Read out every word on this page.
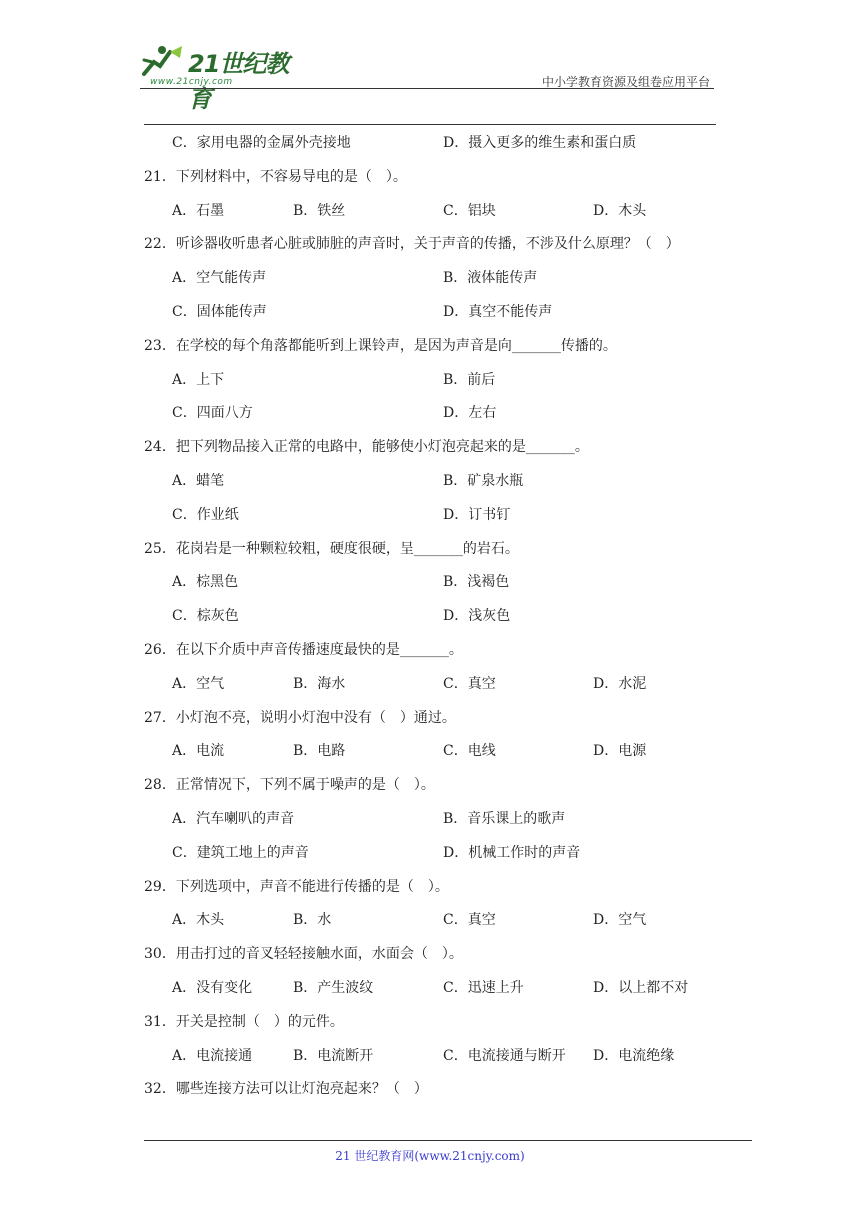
21世纪教育
www.21cnjy.com	中小学教育资源及组卷应用平台
C．家用电器的金属外壳接地	D．摄入更多的维生素和蛋白质
21．下列材料中，不容易导电的是（　）。
A．石墨	B．铁丝	C．铝块	D．木头
22．听诊器收听患者心脏或肺脏的声音时，关于声音的传播，不涉及什么原理？（　）
A．空气能传声	B．液体能传声
C．固体能传声	D．真空不能传声
23．在学校的每个角落都能听到上课铃声，是因为声音是向_______传播的。
A．上下	B．前后
C．四面八方	D．左右
24．把下列物品接入正常的电路中，能够使小灯泡亮起来的是_______。
A．蜡笔	B．矿泉水瓶
C．作业纸	D．订书钉
25．花岗岩是一种颗粒较粗，硬度很硬，呈_______的岩石。
A．棕黑色	B．浅褐色
C．棕灰色	D．浅灰色
26．在以下介质中声音传播速度最快的是_______。
A．空气	B．海水	C．真空	D．水泥
27．小灯泡不亮，说明小灯泡中没有（　）通过。
A．电流	B．电路	C．电线	D．电源
28．正常情况下，下列不属于噪声的是（　）。
A．汽车喇叭的声音	B．音乐课上的歌声
C．建筑工地上的声音	D．机械工作时的声音
29．下列选项中，声音不能进行传播的是（　）。
A．木头	B．水	C．真空	D．空气
30．用击打过的音叉轻轻接触水面，水面会（　）。
A．没有变化	B．产生波纹	C．迅速上升	D．以上都不对
31．开关是控制（　）的元件。
A．电流接通	B．电流断开	C．电流接通与断开 D．电流绝缘
32．哪些连接方法可以让灯泡亮起来？（　）
21 世纪教育网(www.21cnjy.com)
